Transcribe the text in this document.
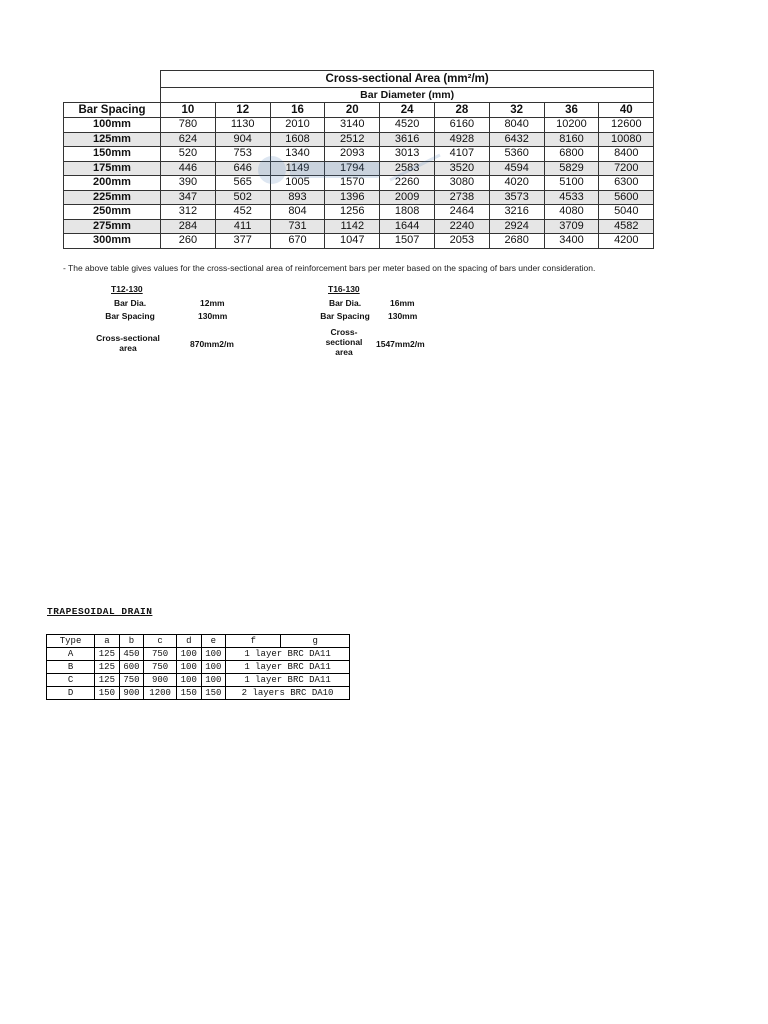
	Cross-sectional Area (mm²/m)								
	Bar Diameter (mm)								
Bar Spacing	10	12	16	20	24	28	32	36	40
100mm	780	1130	2010	3140	4520	6160	8040	10200	12600
125mm	624	904	1608	2512	3616	4928	6432	8160	10080
150mm	520	753	1340	2093	3013	4107	5360	6800	8400
175mm	446	646	1149	1794	2583	3520	4594	5829	7200
200mm	390	565	1005	1570	2260	3080	4020	5100	6300
225mm	347	502	893	1396	2009	2738	3573	4533	5600
250mm	312	452	804	1256	1808	2464	3216	4080	5040
275mm	284	411	731	1142	1644	2240	2924	3709	4582
300mm	260	377	670	1047	1507	2053	2680	3400	4200
- The above table gives values for the cross-sectional area of reinforcement bars per meter based on the spacing of bars under consideration.
T12-130
Bar Dia.	12mm
Bar Spacing	130mm
Cross-sectional area	870mm2/m
T16-130
Bar Dia.	16mm
Bar Spacing	130mm
Cross-sectional area
1547mm2/m
TRAPESOIDAL DRAIN
Type	a	b	c	d	e	f	g
A	125	450	750	100	100	1 layer BRC DA11	
B	125	600	750	100	100	1 layer BRC DA11	
C	125	750	900	100	100	1 layer BRC DA11	
D	150	900	1200	150	150	2 layers BRC DA10	
